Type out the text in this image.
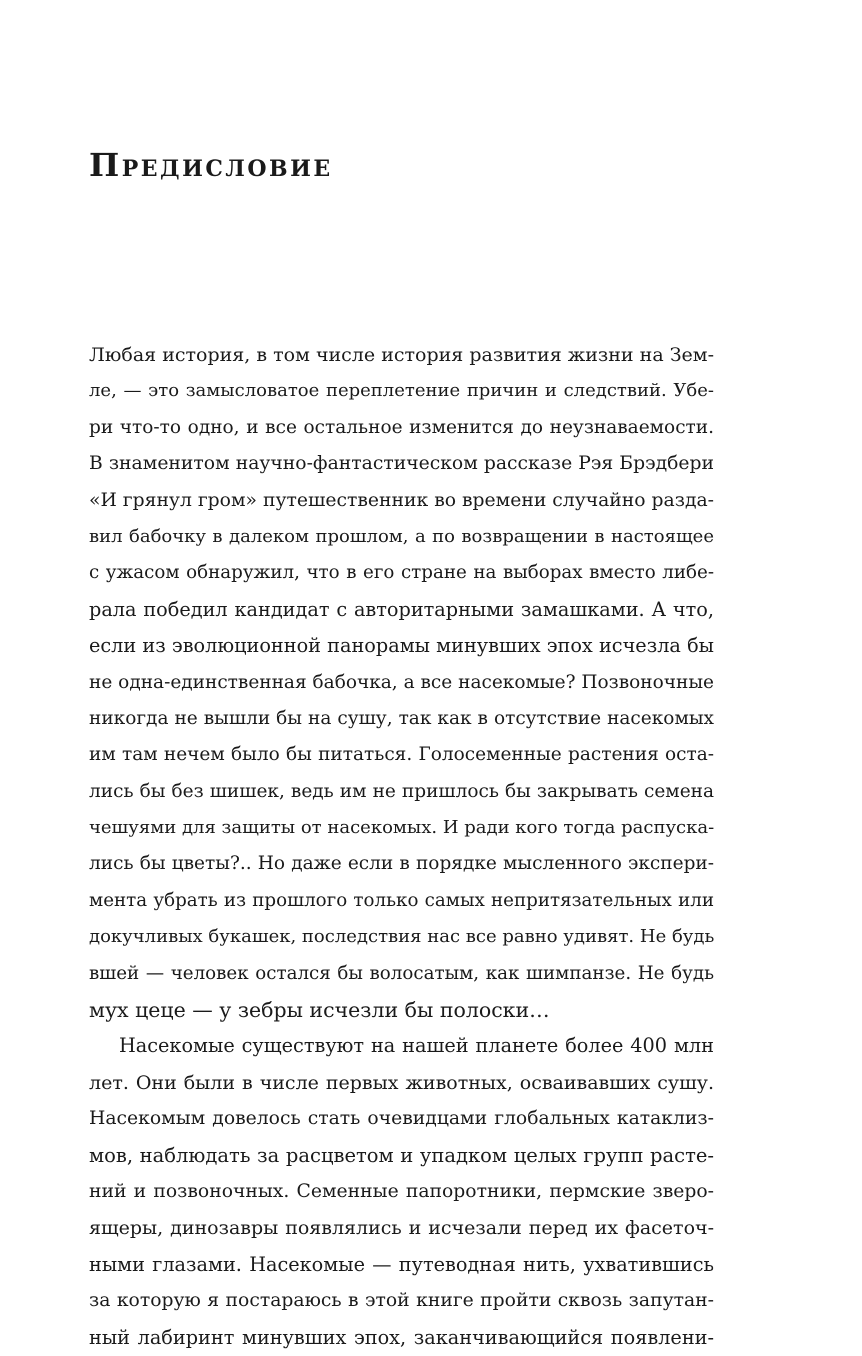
Предисловие
Любая история, в том числе история развития жизни на Зем-
ле, — это замысловатое переплетение причин и следствий. Убе-
ри что-то одно, и все остальное изменится до неузнаваемости.
В знаменитом научно-фантастическом рассказе Рэя Брэдбери
«И грянул гром» путешественник во времени случайно разда-
вил бабочку в далеком прошлом, а по возвращении в настоящее
с ужасом обнаружил, что в его стране на выборах вместо либе-
рала победил кандидат с авторитарными замашками. А что,
если из эволюционной панорамы минувших эпох исчезла бы
не одна-единственная бабочка, а все насекомые? Позвоночные
никогда не вышли бы на сушу, так как в отсутствие насекомых
им там нечем было бы питаться. Голосеменные растения оста-
лись бы без шишек, ведь им не пришлось бы закрывать семена
чешуями для защиты от насекомых. И ради кого тогда распуска-
лись бы цветы?.. Но даже если в порядке мысленного экспери-
мента убрать из прошлого только самых непритязательных или
докучливых букашек, последствия нас все равно удивят. Не будь
вшей — человек остался бы волосатым, как шимпанзе. Не будь
мух цеце — у зебры исчезли бы полоски…
Насекомые существуют на нашей планете более 400 млн
лет. Они были в числе первых животных, осваивавших сушу.
Насекомым довелось стать очевидцами глобальных катаклиз-
мов, наблюдать за расцветом и упадком целых групп расте-
ний и позвоночных. Семенные папоротники, пермские зверо-
ящеры, динозавры появлялись и исчезали перед их фасеточ-
ными глазами. Насекомые — путеводная нить, ухватившись
за которую я постараюсь в этой книге пройти сквозь запутан-
ный лабиринт минувших эпох, заканчивающийся появлени-
